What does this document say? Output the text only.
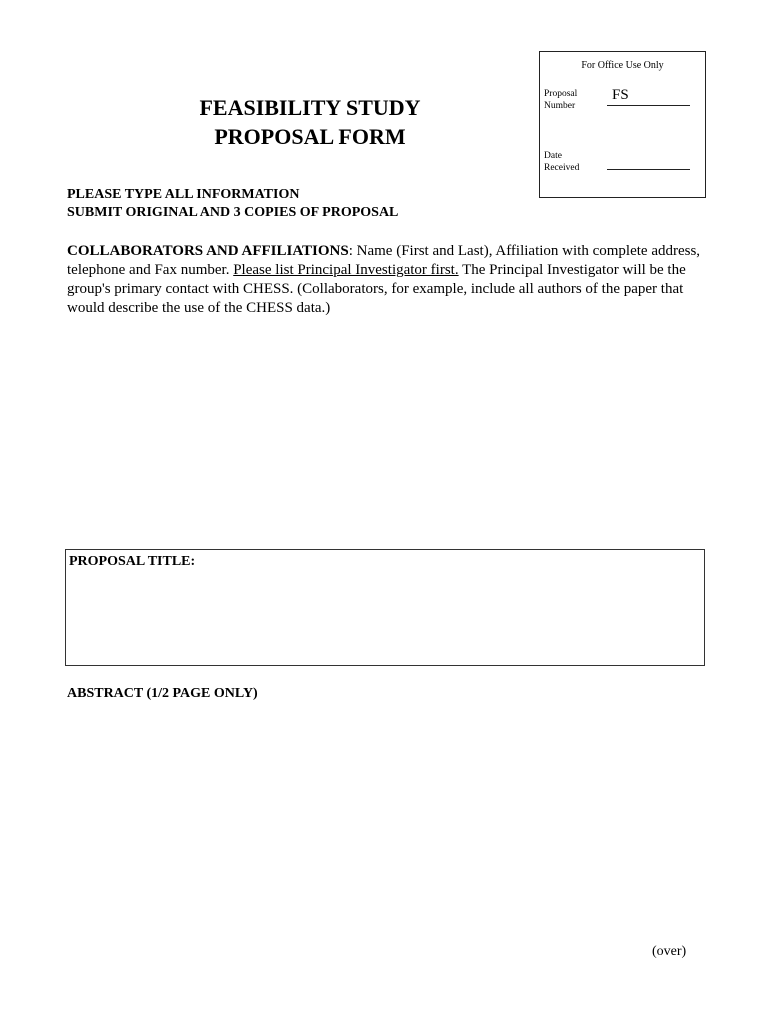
For Office Use Only
Proposal
Number
FS
Date
Received
FEASIBILITY STUDY
PROPOSAL FORM
PLEASE TYPE ALL INFORMATION
SUBMIT ORIGINAL AND 3 COPIES OF PROPOSAL
COLLABORATORS AND AFFILIATIONS: Name (First and Last), Affiliation with complete address, telephone and Fax number. Please list Principal Investigator first. The Principal Investigator will be the group's primary contact with CHESS. (Collaborators, for example, include all authors of the paper that would describe the use of the CHESS data.)
PROPOSAL TITLE:
ABSTRACT (1/2 PAGE ONLY)
(over)
